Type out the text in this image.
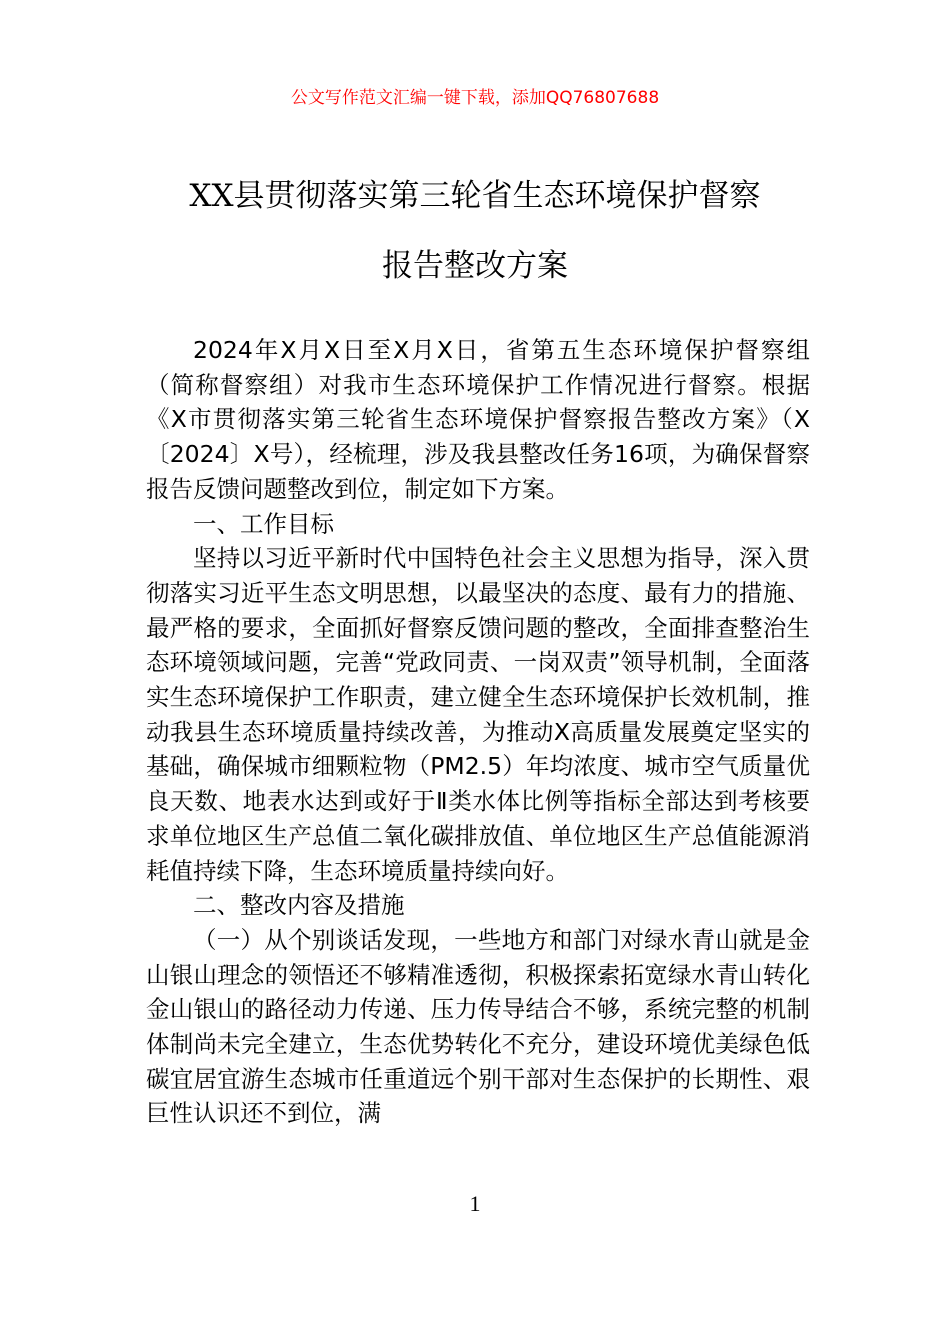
公文写作范文汇编一键下载，添加QQ76807688
XX县贯彻落实第三轮省生态环境保护督察
报告整改方案

2024年X月X日至X月X日，省第五生态环境保护督察组（简称督察组）对我市生态环境保护工作情况进行督察。根据《X市贯彻落实第三轮省生态环境保护督察报告整改方案》（X〔2024〕X号），经梳理，涉及我县整改任务16项，为确保督察报告反馈问题整改到位，制定如下方案。

一、工作目标

坚持以习近平新时代中国特色社会主义思想为指导，深入贯彻落实习近平生态文明思想，以最坚决的态度、最有力的措施、最严格的要求，全面抓好督察反馈问题的整改，全面排查整治生态环境领域问题，完善“党政同责、一岗双责”领导机制，全面落实生态环境保护工作职责，建立健全生态环境保护长效机制，推动我县生态环境质量持续改善，为推动X高质量发展奠定坚实的基础，确保城市细颗粒物（PM2.5）年均浓度、城市空气质量优良天数、地表水达到或好于Ⅱ类水体比例等指标全部达到考核要求单位地区生产总值二氧化碳排放值、单位地区生产总值能源消耗值持续下降，生态环境质量持续向好。

二、整改内容及措施

（一）从个别谈话发现，一些地方和部门对绿水青山就是金山银山理念的领悟还不够精准透彻，积极探索拓宽绿水青山转化金山银山的路径动力传递、压力传导结合不够，系统完整的机制体制尚未完全建立，生态优势转化不充分，建设环境优美绿色低碳宜居宜游生态城市任重道远个别干部对生态保护的长期性、艰巨性认识还不到位，满

1
